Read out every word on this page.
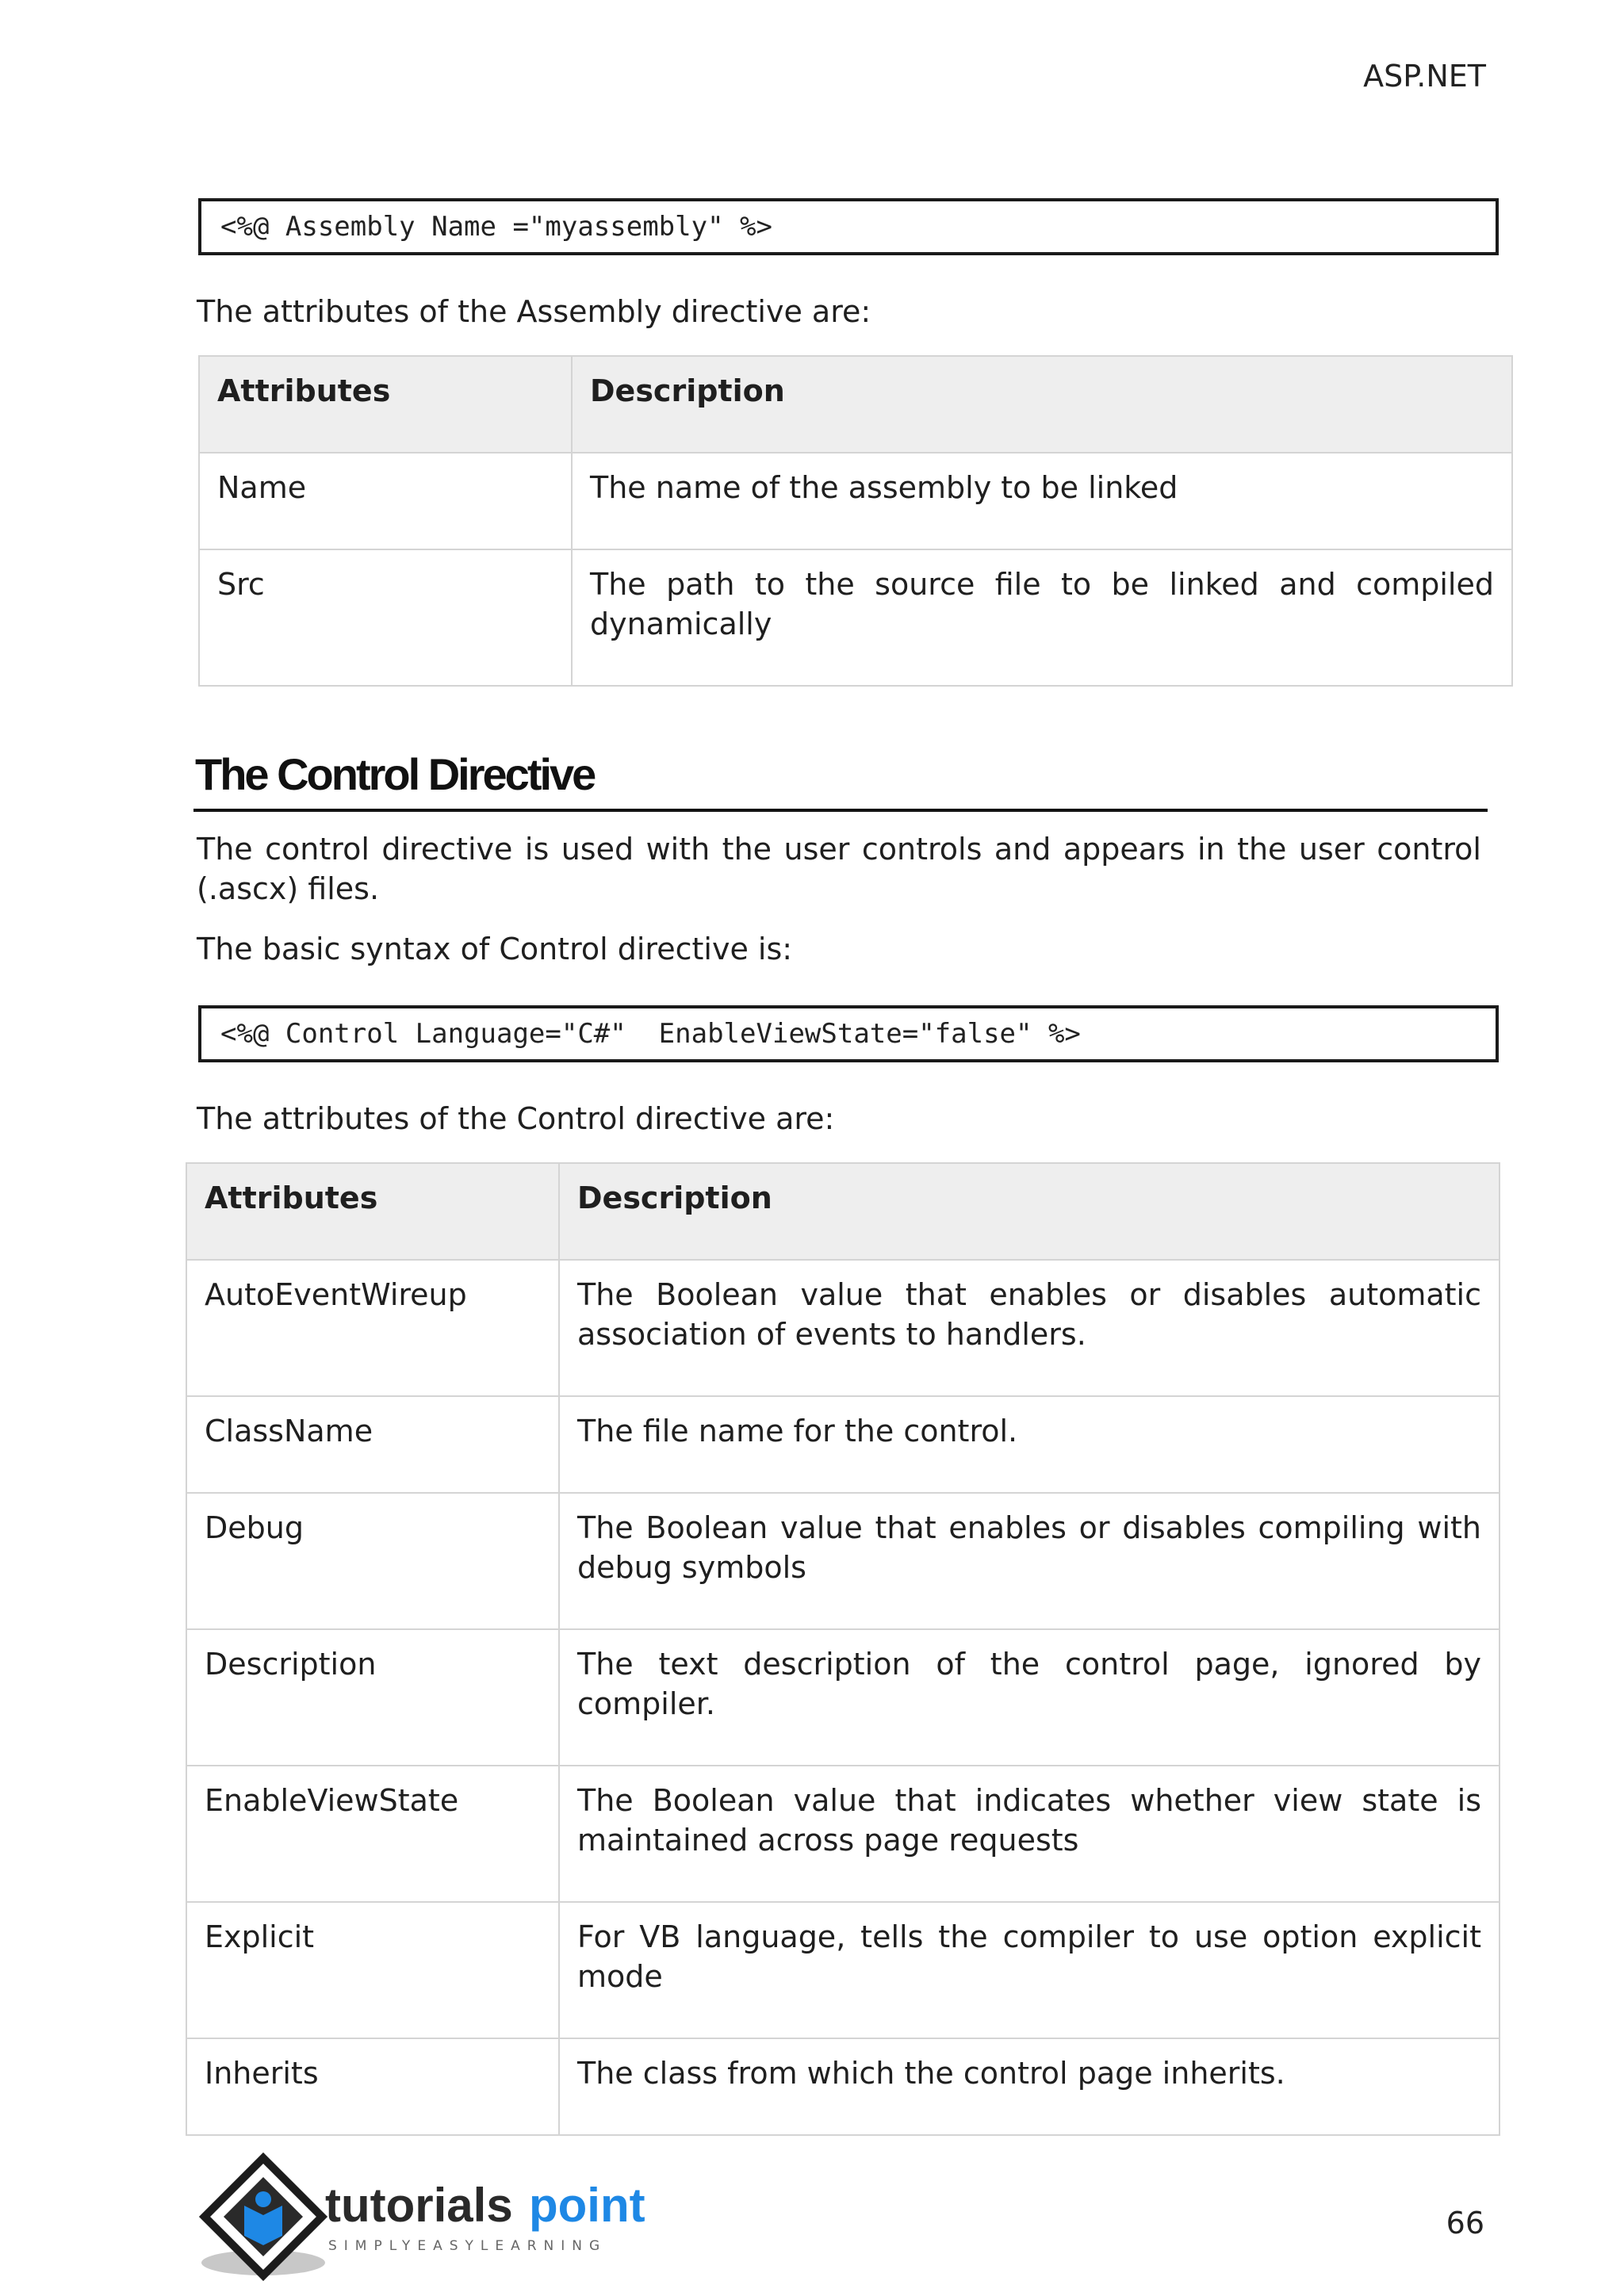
ASP.NET
<%@ Assembly Name ="myassembly" %>
The attributes of the Assembly directive are:
Attributes	Description
Name	The name of the assembly to be linked
Src	The path to the source file to be linked and compiled dynamically
The Control Directive
The control directive is used with the user controls and appears in the user control (.ascx) files.
The basic syntax of Control directive is:
<%@ Control Language="C#"  EnableViewState="false" %>
The attributes of the Control directive are:
Attributes	Description
AutoEventWireup	The Boolean value that enables or disables automatic association of events to handlers.
ClassName	The file name for the control.
Debug	The Boolean value that enables or disables compiling with debug symbols
Description	The text description of the control page, ignored by compiler.
EnableViewState	The Boolean value that indicates whether view state is maintained across page requests
Explicit	For VB language, tells the compiler to use option explicit mode
Inherits	The class from which the control page inherits.
tutorials point
SIMPLYEASYLEARNING
66
